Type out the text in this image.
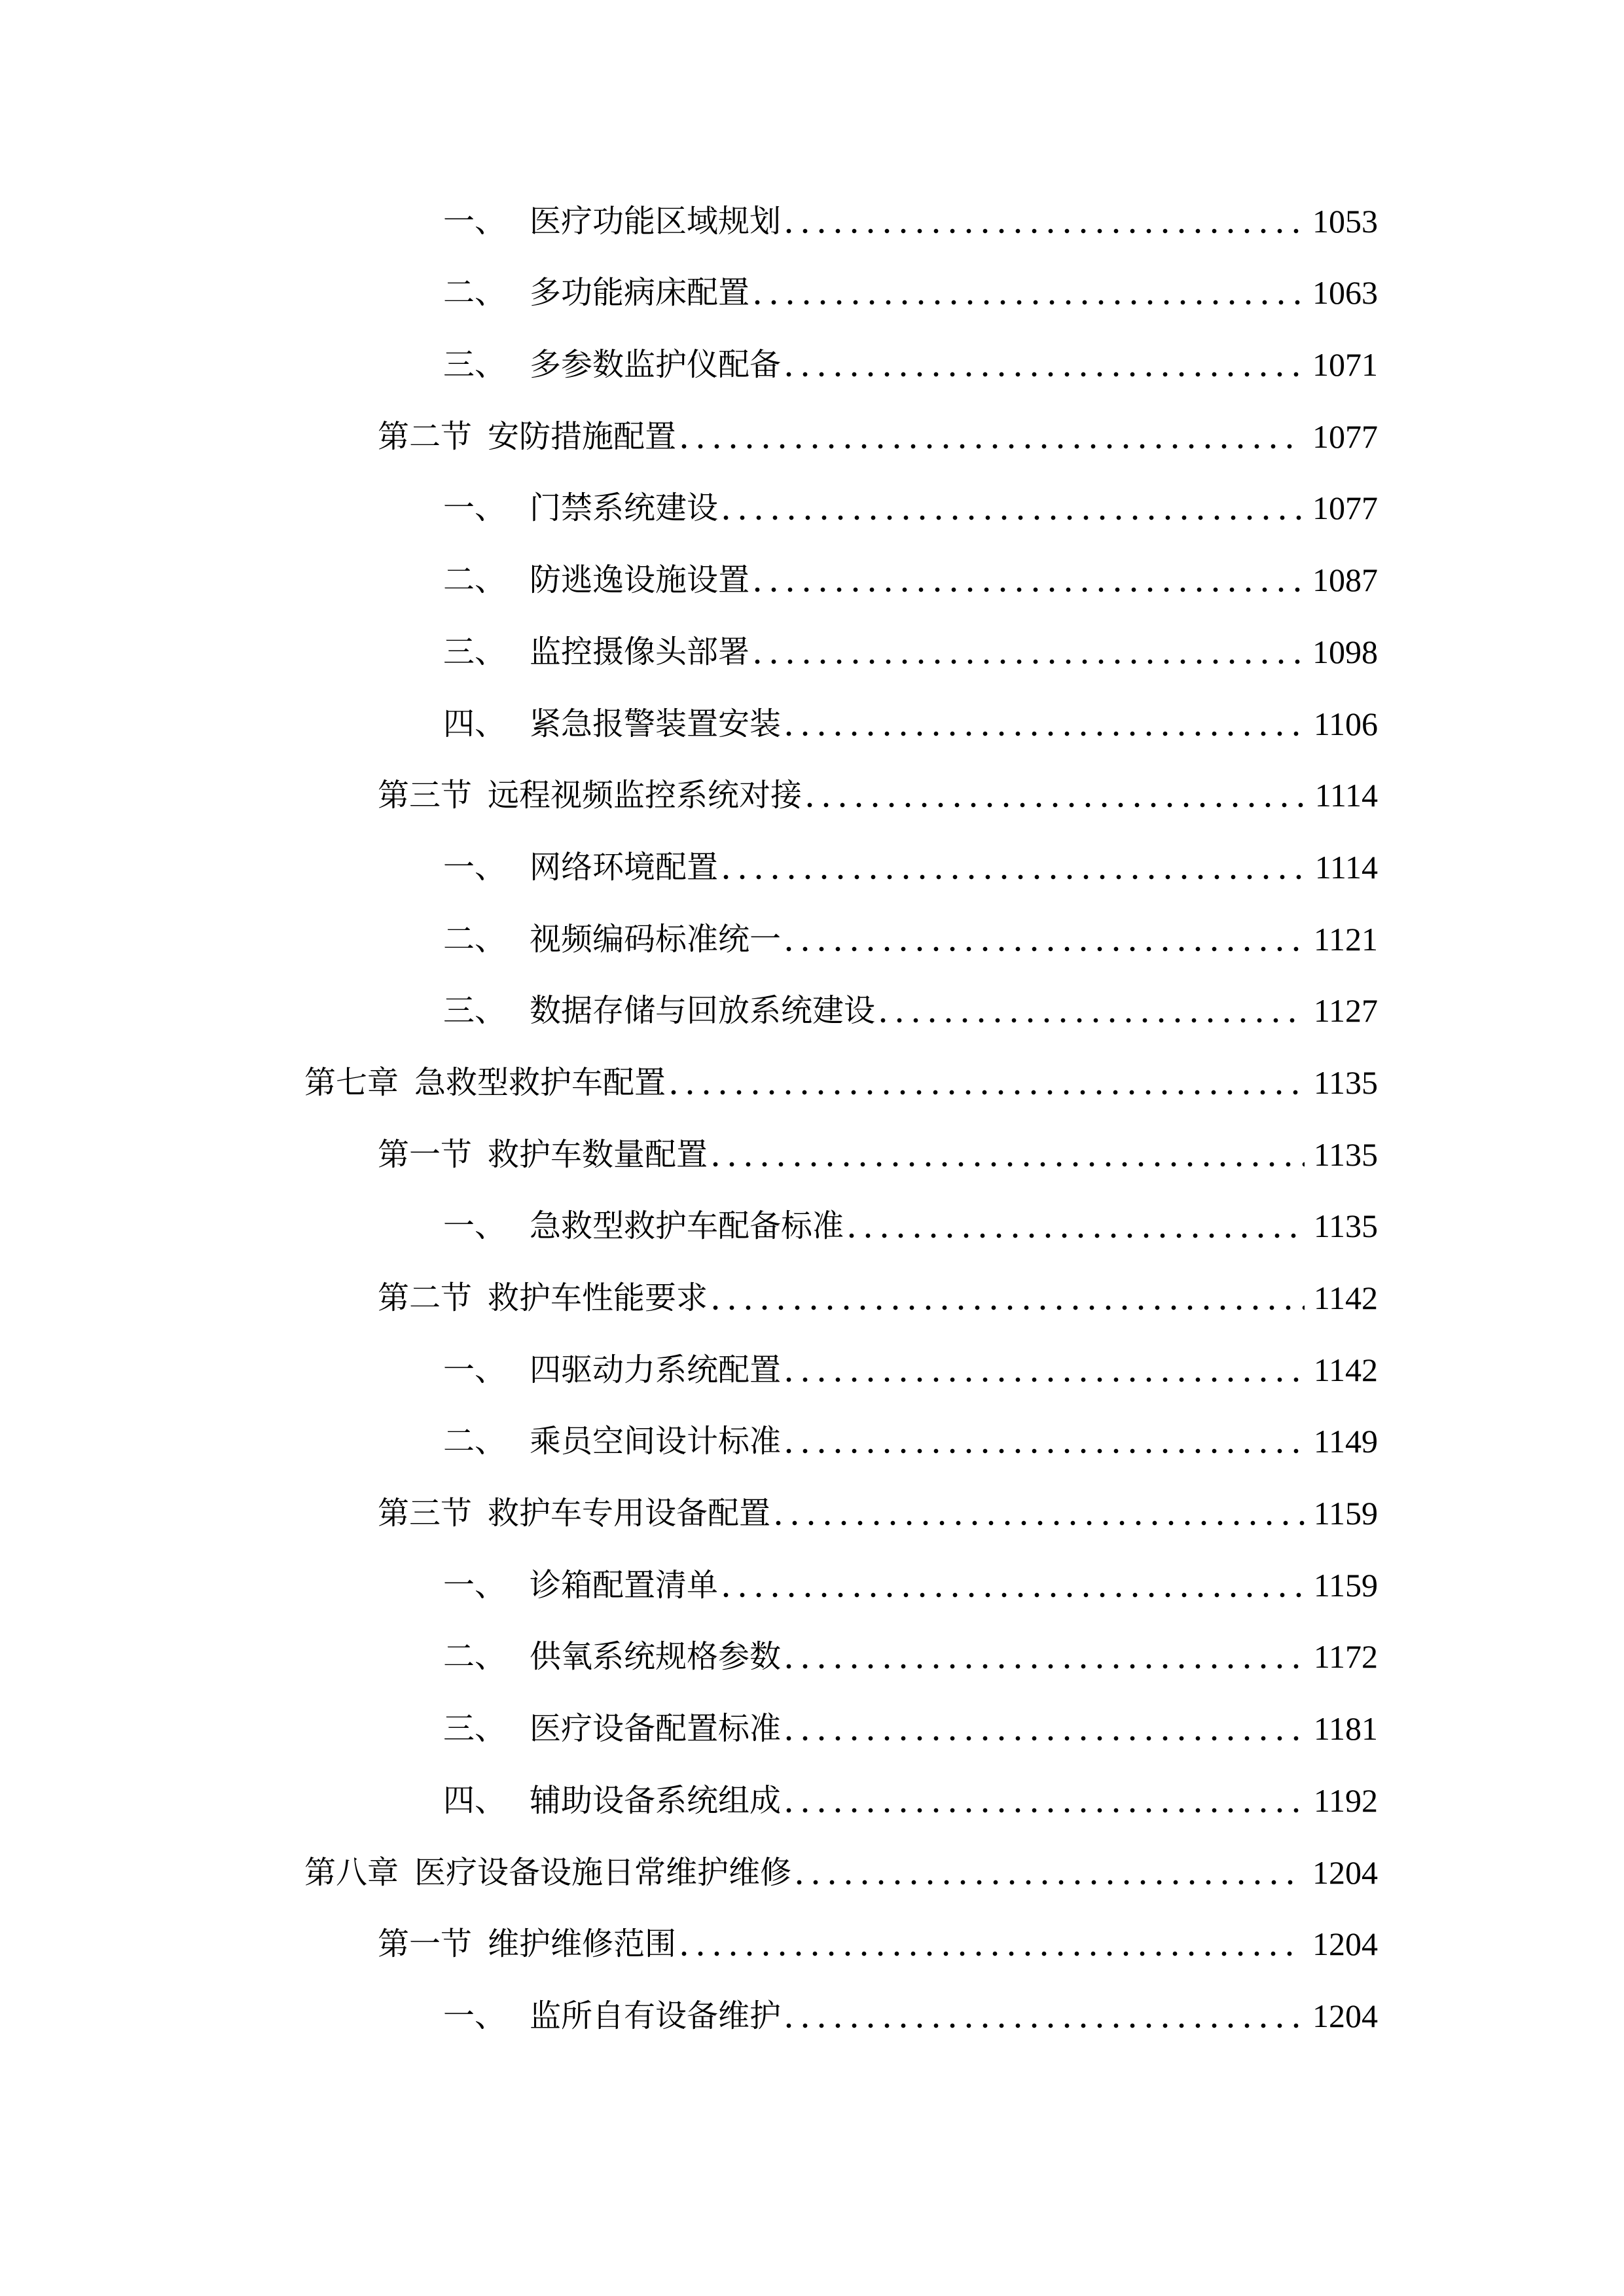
一、 医疗功能区域规划	1053
二、 多功能病床配置	1063
三、 多参数监护仪配备	1071
第二节 安防措施配置	1077
一、 门禁系统建设	1077
二、 防逃逸设施设置	1087
三、 监控摄像头部署	1098
四、 紧急报警装置安装	1106
第三节 远程视频监控系统对接	1114
一、 网络环境配置	1114
二、 视频编码标准统一	1121
三、 数据存储与回放系统建设	1127
第七章 急救型救护车配置	1135
第一节 救护车数量配置	1135
一、 急救型救护车配备标准	1135
第二节 救护车性能要求	1142
一、 四驱动力系统配置	1142
二、 乘员空间设计标准	1149
第三节 救护车专用设备配置	1159
一、 诊箱配置清单	1159
二、 供氧系统规格参数	1172
三、 医疗设备配置标准	1181
四、 辅助设备系统组成	1192
第八章 医疗设备设施日常维护维修	1204
第一节 维护维修范围	1204
一、 监所自有设备维护	1204
